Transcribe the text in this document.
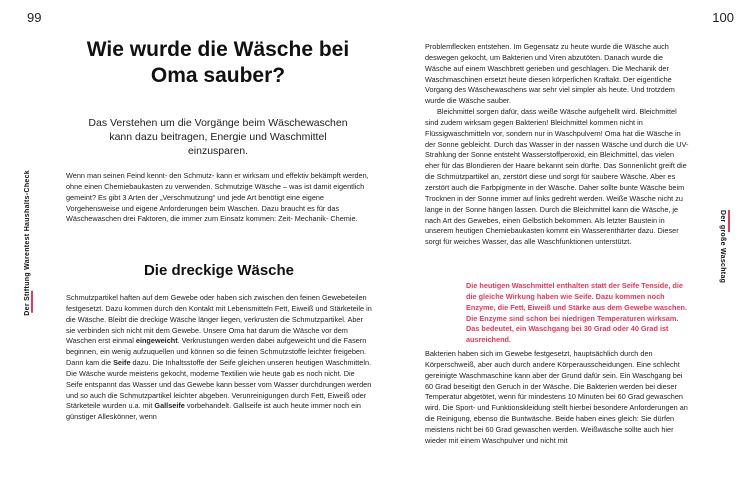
99	100
Der Stiftung Warentest Haushalts-Check	Der große Waschtag
Wie wurde die Wäsche bei Oma sauber?
Das Verstehen um die Vorgänge beim Wäschewaschen kann dazu beitragen, Energie und Waschmittel einzusparen.

Wenn man seinen Feind kennt- den Schmutz- kann er wirksam und effektiv bekämpft werden, ohne einen Chemiebaukasten zu verwenden. Schmutzige Wäsche – was ist damit eigentlich gemeint? Es gibt 3 Arten der „Verschmutzung“ und jede Art benötigt eine eigene Vorgehensweise und eigene Anforderungen beim Waschen. Dazu braucht es für das Wäschewaschen drei Faktoren, die immer zum Einsatz kommen: Zeit- Mechanik- Chemie.

Die dreckige Wäsche

Schmutzpartikel haften auf dem Gewebe oder haben sich zwischen den feinen Gewebeteilen festgesetzt. Dazu kommen durch den Kontakt mit Lebensmitteln Fett, Eiweiß und Stärketeile in die Wäsche. Bleibt die dreckige Wäsche länger liegen, verkrusten die Schmutzpartikel. Aber sie verbinden sich nicht mit dem Gewebe. Unsere Oma hat darum die Wäsche vor dem Waschen erst einmal eingeweicht. Verkrustungen werden dabei aufgeweicht und die Fasern beginnen, ein wenig aufzuquellen und können so die feinen Schmutzstoffe leichter freigeben. Dann kam die Seife dazu. Die Inhaltsstoffe der Seife gleichen unseren heutigen Waschmitteln. Die Wäsche wurde meistens gekocht, moderne Textilien wie heute gab es noch nicht. Die Seife entspannt das Wasser und das Gewebe kann besser vom Wasser durchdrungen werden und so auch die Schmutzpartikel leichter abgeben. Verunreinigungen durch Fett, Eiweiß oder Stärketeile wurden u.a. mit Gallseife vorbehandelt. Gallseife ist auch heute immer noch ein günstiger Alleskönner, wenn

Problemflecken entstehen. Im Gegensatz zu heute wurde die Wäsche auch deswegen gekocht, um Bakterien und Viren abzutöten. Danach wurde die Wäsche auf einem Waschbrett gerieben und geschlagen. Die Mechanik der Waschmaschinen ersetzt heute diesen körperlichen Kraftakt. Der eigentliche Vorgang des Wäschewaschens war sehr viel simpler als heute. Und trotzdem wurde die Wäsche sauber.

Bleichmittel sorgen dafür, dass weiße Wäsche aufgehellt wird. Bleichmittel sind zudem wirksam gegen Bakterien! Bleichmittel kommen nicht in Flüssigwaschmitteln vor, sondern nur in Waschpulvern! Oma hat die Wäsche in der Sonne gebleicht. Durch das Wasser in der nassen Wäsche und durch die UV- Strahlung der Sonne entsteht Wasserstoffperoxid, ein Bleichmittel, das vielen eher für das Blondieren der Haare bekannt sein dürfte. Das Sonnenlicht greift die die Schmutzpartikel an, zerstört diese und sorgt für saubere Wäsche. Aber es zerstört auch die Farbpigmente in der Wäsche. Daher sollte bunte Wäsche beim Trocknen in der Sonne immer auf links gedreht werden. Weiße Wäsche nicht zu lange in der Sonne hängen lassen. Durch die Bleichmittel kann die Wäsche, je nach Art des Gewebes, einen Gelbstich bekommen. Als letzter Baustein in unserem heutigen Chemiebaukasten kommt ein Wasserenthärter dazu. Dieser sorgt für weiches Wasser, das alle Waschfunktionen unterstützt.

Die heutigen Waschmittel enthalten statt der Seife Tenside, die die gleiche Wirkung haben wie Seife. Dazu kommen noch Enzyme, die Fett, Eiweiß und Stärke aus dem Gewebe waschen. Die Enzyme sind schon bei niedrigen Temperaturen wirksam. Das bedeutet, ein Waschgang bei 30 Grad oder 40 Grad ist ausreichend.

Bakterien haben sich im Gewebe festgesetzt, hauptsächlich durch den Körperschweiß, aber auch durch andere Körperausscheidungen. Eine schlecht gereinigte Waschmaschine kann aber der Grund dafür sein. Ein Waschgang bei 60 Grad beseitigt den Geruch in der Wäsche. Die Bakterien werden bei dieser Temperatur abgetötet, wenn für mindestens 10 Minuten bei 60 Grad gewaschen wird. Die Sport- und Funktionskleidung stellt hierbei besondere Anforderungen an die Reinigung, ebenso die Buntwäsche. Beide haben eines gleich: Sie dürfen meistens nicht bei 60 Grad gewaschen werden. Weißwäsche sollte auch hier wieder mit einem Waschpulver und nicht mit
